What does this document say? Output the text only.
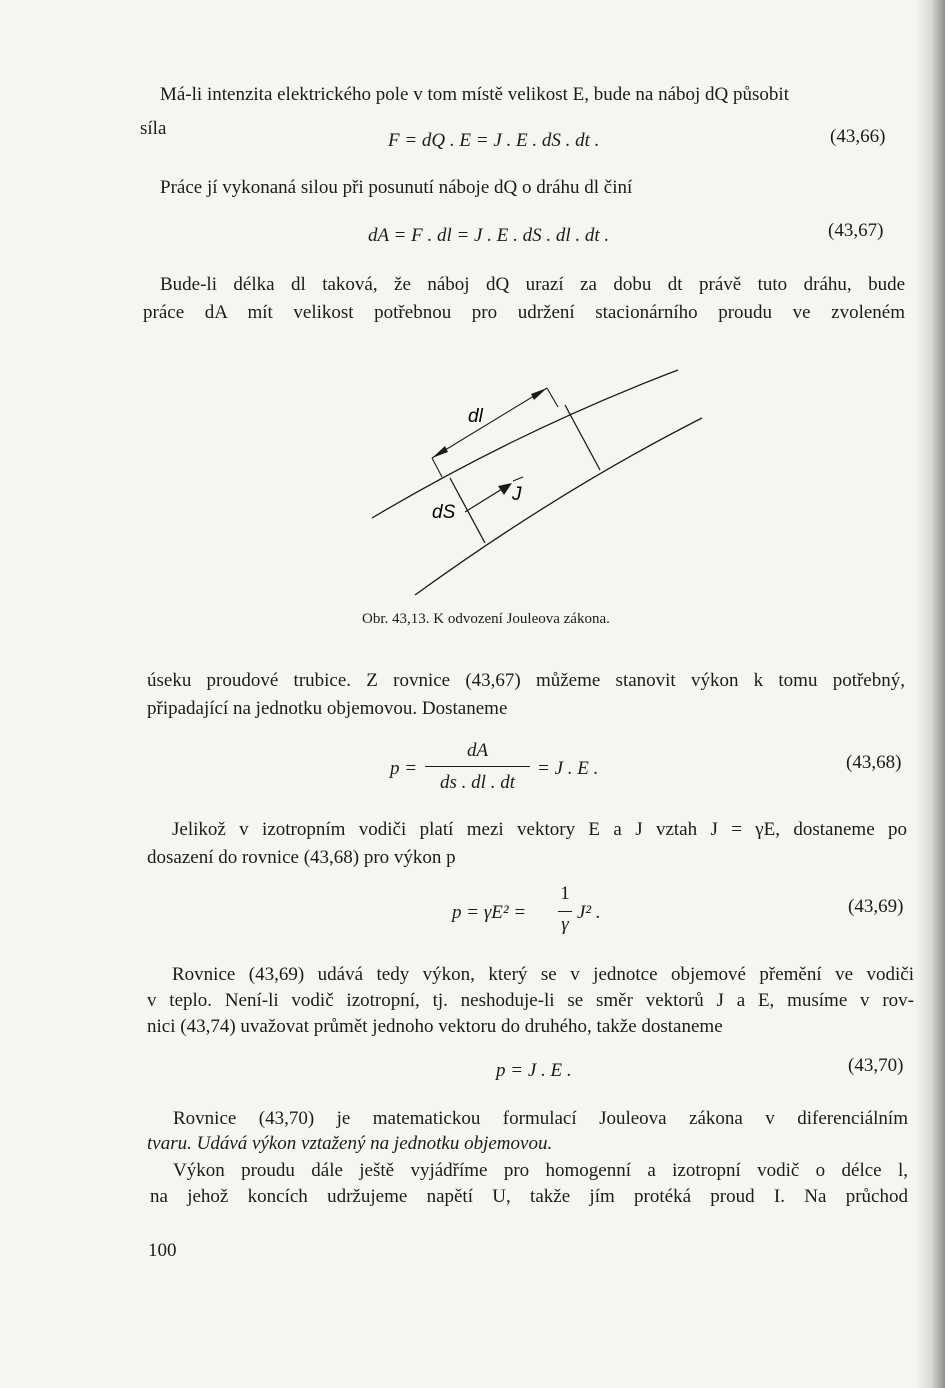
Má-li intenzita elektrického pole v tom místě velikost E, bude na náboj dQ působit

síla

F = dQ . E = J . E . dS . dt .	(43,66)

Práce jí vykonaná silou při posunutí náboje dQ o dráhu dl činí

dA = F . dl = J . E . dS . dl . dt .	(43,67)

Bude-li délka dl taková, že náboj dQ urazí za dobu dt právě tuto dráhu, bude

práce dA mít velikost potřebnou pro udržení stacionárního proudu ve zvoleném

dl
dS
J
Obr. 43,13. K odvození Jouleova zákona.

úseku proudové trubice. Z rovnice (43,67) můžeme stanovit výkon k tomu potřebný,

připadající na jednotku objemovou. Dostaneme

p =
dA
ds . dl . dt
= J . E .	(43,68)

Jelikož v izotropním vodiči platí mezi vektory E a J vztah J = γE, dostaneme po

dosazení do rovnice (43,68) pro výkon p

p = γE² =
1
γ
J² .	(43,69)

Rovnice (43,69) udává tedy výkon, který se v jednotce objemové přemění ve vodiči

v teplo. Není-li vodič izotropní, tj. neshoduje-li se směr vektorů J a E, musíme v rov-

nici (43,74) uvažovat průmět jednoho vektoru do druhého, takže dostaneme

p = J . E .	(43,70)

Rovnice (43,70) je matematickou formulací Jouleova zákona v diferenciálním

tvaru. Udává výkon vztažený na jednotku objemovou.

Výkon proudu dále ještě vyjádříme pro homogenní a izotropní vodič o délce l,

na jehož koncích udržujeme napětí U, takže jím protéká proud I. Na průchod

100
